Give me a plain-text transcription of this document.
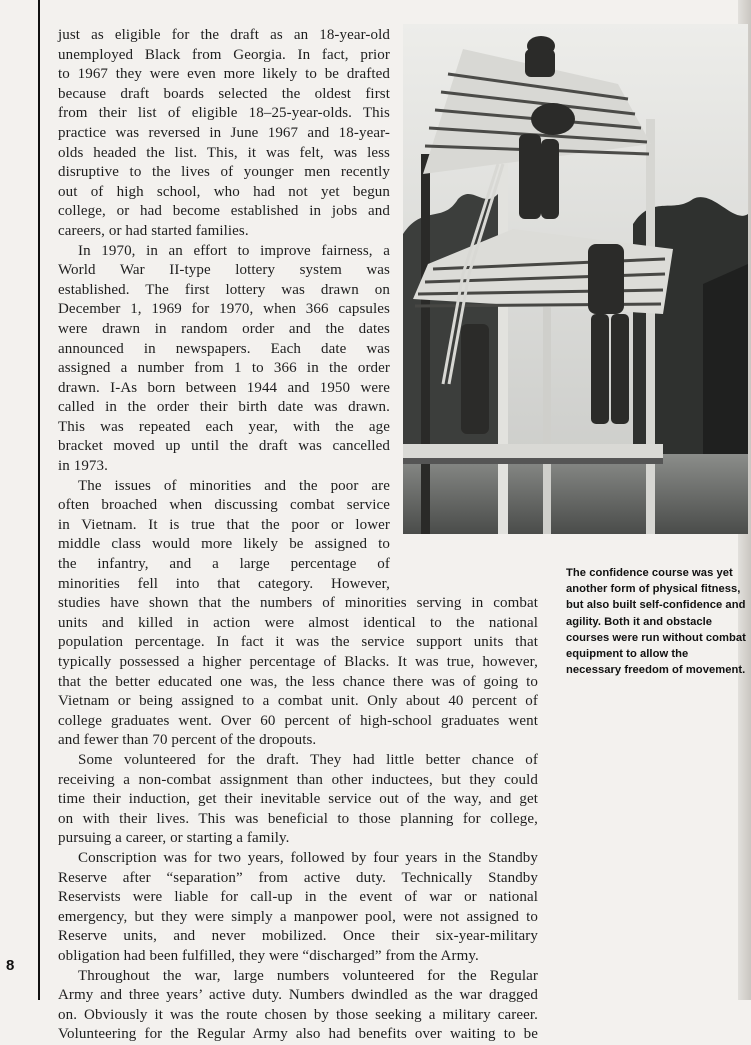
just as eligible for the draft as an 18-year-old
unemployed Black from Georgia. In fact, prior
to 1967 they were even more likely to be drafted
because draft boards selected the oldest first
from their list of eligible 18–25-year-olds. This
practice was reversed in June 1967 and 18-year-
olds headed the list. This, it was felt, was less
disruptive to the lives of younger men recently
out of high school, who had not yet begun
college, or had become established in jobs and
careers, or had started families.
In 1970, in an effort to improve fairness, a
World War II-type lottery system was
established. The first lottery was drawn on
December 1, 1969 for 1970, when 366 capsules
were drawn in random order and the dates
announced in newspapers. Each date was
assigned a number from 1 to 366 in the order
drawn. I-As born between 1944 and 1950 were
called in the order their birth date was drawn.
This was repeated each year, with the age
bracket moved up until the draft was cancelled
in 1973.
The issues of minorities and the poor are
often broached when discussing combat service
in Vietnam. It is true that the poor or lower
middle class would more likely be assigned to
the infantry, and a large percentage of
minorities fell into that category. However,
studies have shown that the numbers of minorities serving in combat
units and killed in action were almost identical to the national
population percentage. In fact it was the service support units that
typically possessed a higher percentage of Blacks. It was true, however,
that the better educated one was, the less chance there was of going to
Vietnam or being assigned to a combat unit. Only about 40 percent of
college graduates went. Over 60 percent of high-school graduates went
and fewer than 70 percent of the dropouts.
Some volunteered for the draft. They had little better chance of
receiving a non-combat assignment than other inductees, but they could
time their induction, get their inevitable service out of the way, and get
on with their lives. This was beneficial to those planning for college,
pursuing a career, or starting a family.
Conscription was for two years, followed by four years in the Standby
Reserve after “separation” from active duty. Technically Standby
Reservists were liable for call-up in the event of war or national
emergency, but they were simply a manpower pool, were not assigned to
Reserve units, and never mobilized. Once their six-year-military
obligation had been fulfilled, they were “discharged” from the Army.
Throughout the war, large numbers volunteered for the Regular
Army and three years’ active duty. Numbers dwindled as the war dragged
on. Obviously it was the route chosen by those seeking a military career.
Volunteering for the Regular Army also had benefits over waiting to be
The confidence course was yet another form of physical fitness, but also built self-confidence and agility. Both it and obstacle courses were run without combat equipment to allow the necessary freedom of movement.
8
